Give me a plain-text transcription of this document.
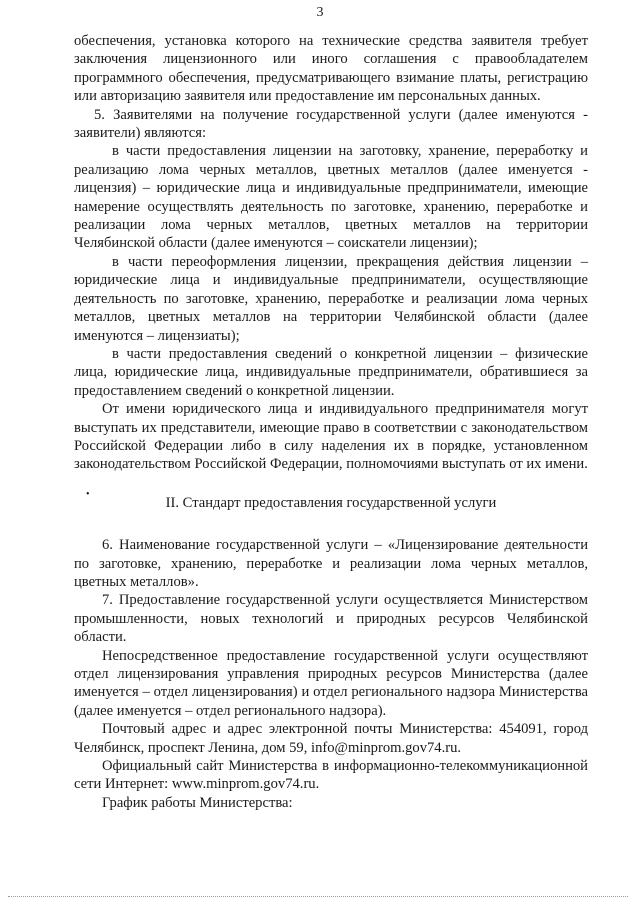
3

обеспечения, установка которого на технические средства заявителя требует заключения лицензионного или иного соглашения с правообладателем программного обеспечения, предусматривающего взимание платы, регистрацию или авторизацию заявителя или предоставление им персональных данных.

5. Заявителями на получение государственной услуги (далее именуются - заявители) являются:

в части предоставления лицензии на заготовку, хранение, переработку и реализацию лома черных металлов, цветных металлов (далее именуется - лицензия) – юридические лица и индивидуальные предприниматели, имеющие намерение осуществлять деятельность по заготовке, хранению, переработке и реализации лома черных металлов, цветных металлов на территории Челябинской области (далее именуются – соискатели лицензии);

в части переоформления лицензии, прекращения действия лицензии – юридические лица и индивидуальные предприниматели, осуществляющие деятельность по заготовке, хранению, переработке и реализации лома черных металлов, цветных металлов на территории Челябинской области (далее именуются – лицензиаты);

в части предоставления сведений о конкретной лицензии – физические лица, юридические лица, индивидуальные предприниматели, обратившиеся за предоставлением сведений о конкретной лицензии.

От имени юридического лица и индивидуального предпринимателя могут выступать их представители, имеющие право в соответствии с законодательством Российской Федерации либо в силу наделения их в порядке, установленном законодательством Российской Федерации, полномочиями выступать от их имени.

•
II. Стандарт предоставления государственной услуги

6. Наименование государственной услуги – «Лицензирование деятельности по заготовке, хранению, переработке и реализации лома черных металлов, цветных металлов».

7. Предоставление государственной услуги осуществляется Министерством промышленности, новых технологий и природных ресурсов Челябинской области.

Непосредственное предоставление государственной услуги осуществляют отдел лицензирования управления природных ресурсов Министерства (далее именуется – отдел лицензирования) и отдел регионального надзора Министерства (далее именуется – отдел регионального надзора).

Почтовый адрес и адрес электронной почты Министерства: 454091, город Челябинск, проспект Ленина, дом 59, info@minprom.gov74.ru.

Официальный сайт Министерства в информационно-телекоммуникационной сети Интернет: www.minprom.gov74.ru.

График работы Министерства:
